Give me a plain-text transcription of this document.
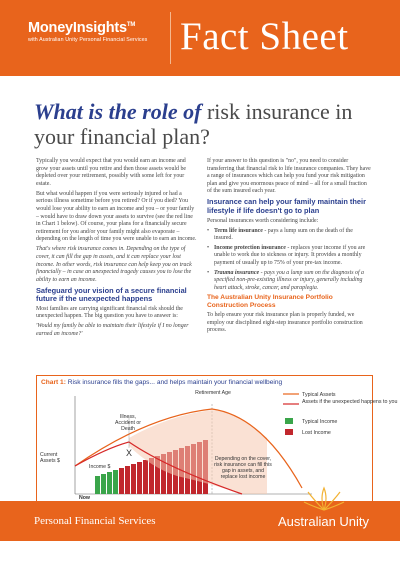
MoneyInsights™
with Australian Unity Personal Financial Services Fact Sheet
What is the role of risk insurance in your financial plan?

Typically you would expect that you would earn an income and grow your assets until you retire and then those assets would be depleted over your retirement, possibly with some left for your estate.

But what would happen if you were seriously injured or had a serious illness sometime before you retired? Or if you died? You would lose your ability to earn an income and you – or your family – would have to draw down your assets to survive (see the red line in Chart 1 below). Of course, your plans for a financially secure retirement for you and/or your family might also evaporate – depending on the length of time you were unable to earn an income.

That's where risk insurance comes in. Depending on the type of cover, it can fill the gap in assets, and it can replace your lost income. In other words, risk insurance can help keep you on track financially – in case an unexpected tragedy causes you to lose the ability to earn an income.

Safeguard your vision of a secure financial future if the unexpected happens

Most families are carrying significant financial risk should the unexpected happen. The big question you have to answer is:

'Would my family be able to maintain their lifestyle if I no longer earned an income?'

If your answer to this question is "no", you need to consider transferring that financial risk to life insurance companies. They have a range of insurances which can help you fund your risk mitigation plan and give you enormous peace of mind – all for a small fraction of the sum insured each year.

Insurance can help your family maintain their lifestyle if life doesn't go to plan

Personal insurances worth considering include:

• Term life insurance - pays a lump sum on the death of the insured.
• Income protection insurance - replaces your income if you are unable to work due to sickness or injury. It provides a monthly payment of usually up to 75% of your pre-tax income.
• Trauma insurance - pays you a lump sum on the diagnosis of a specified non-pre-existing illness or injury, generally including heart attack, stroke, cancer, and paraplegia.
The Australian Unity Insurance Portfolio Construction Process

To help ensure your risk insurance plan is properly funded, we employ our disciplined eight-step insurance portfolio construction process.

Chart 1: Risk insurance fills the gaps... and helps maintain your financial wellbeing
X
Typical Assets
Assets if the unexpected happens to you
Typical Income
Lost Income
Retirement Age
Illness, Accident or Death
Current Assets $
Income $
Now
Depending on the cover, risk insurance can fill this gap in assets, and replace lost income
Personal Financial Services	Australian Unity
